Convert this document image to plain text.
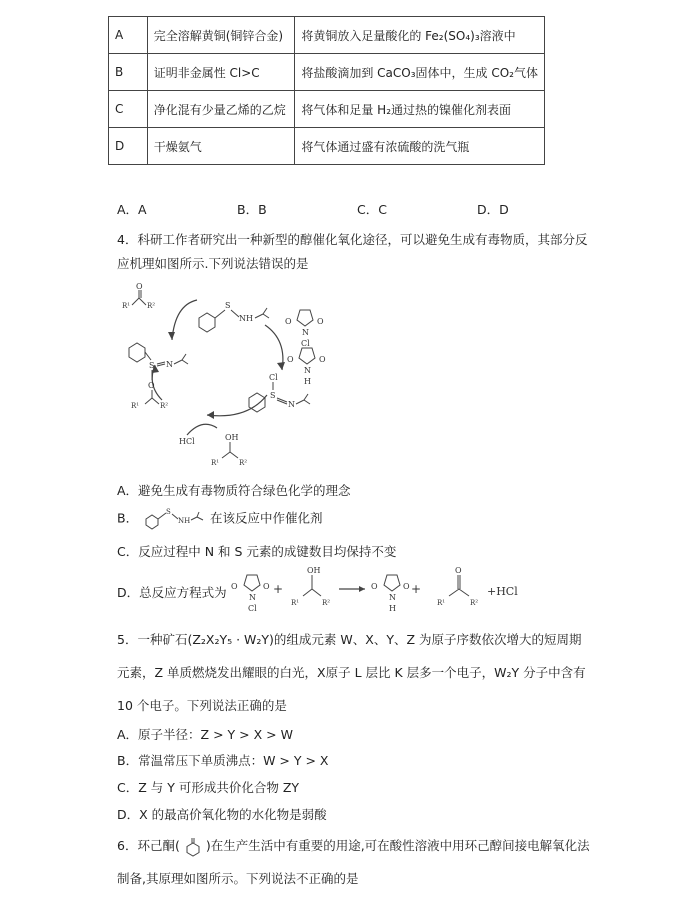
A	完全溶解黄铜(铜锌合金)	将黄铜放入足量酸化的 Fe₂(SO₄)₃溶液中
B	证明非金属性 Cl>C	将盐酸滴加到 CaCO₃固体中，生成 CO₂气体
C	净化混有少量乙烯的乙烷	将气体和足量 H₂通过热的镍催化剂表面
D	干燥氨气	将气体通过盛有浓硫酸的洗气瓶
A．A	B．B	C．C	D．D
4．科研工作者研究出一种新型的醇催化氧化途径，可以避免生成有毒物质，其部分反
应机理如图所示.下列说法错误的是
O
R¹ R²	S
NH	O	O
N
Cl
O	O
N
H
Cl
S
N
S N
O
R¹	R²
HCl	OH
R¹	R²
A．避免生成有毒物质符合绿色化学的理念
B．	S
NH 在该反应中作催化剂
C．反应过程中 N 和 S 元素的成键数目均保持不变
D．总反应方程式为 O	O
N
Cl
+
OH
R¹	R²
O	O
N
H
+
O
R¹	R²
+HCl
5．一种矿石(Z₂X₂Y₅ · W₂Y)的组成元素 W、X、Y、Z 为原子序数依次增大的短周期
元素，Z 单质燃烧发出耀眼的白光，X原子 L 层比 K 层多一个电子，W₂Y 分子中含有
10 个电子。下列说法正确的是
A．原子半径：Z > Y > X > W
B．常温常压下单质沸点：W > Y > X
C．Z 与 Y 可形成共价化合物 ZY
D．X 的最高价氧化物的水化物是弱酸
6．环己酮( )在生产生活中有重要的用途,可在酸性溶液中用环己醇间接电解氧化法
制备,其原理如图所示。下列说法不正确的是
